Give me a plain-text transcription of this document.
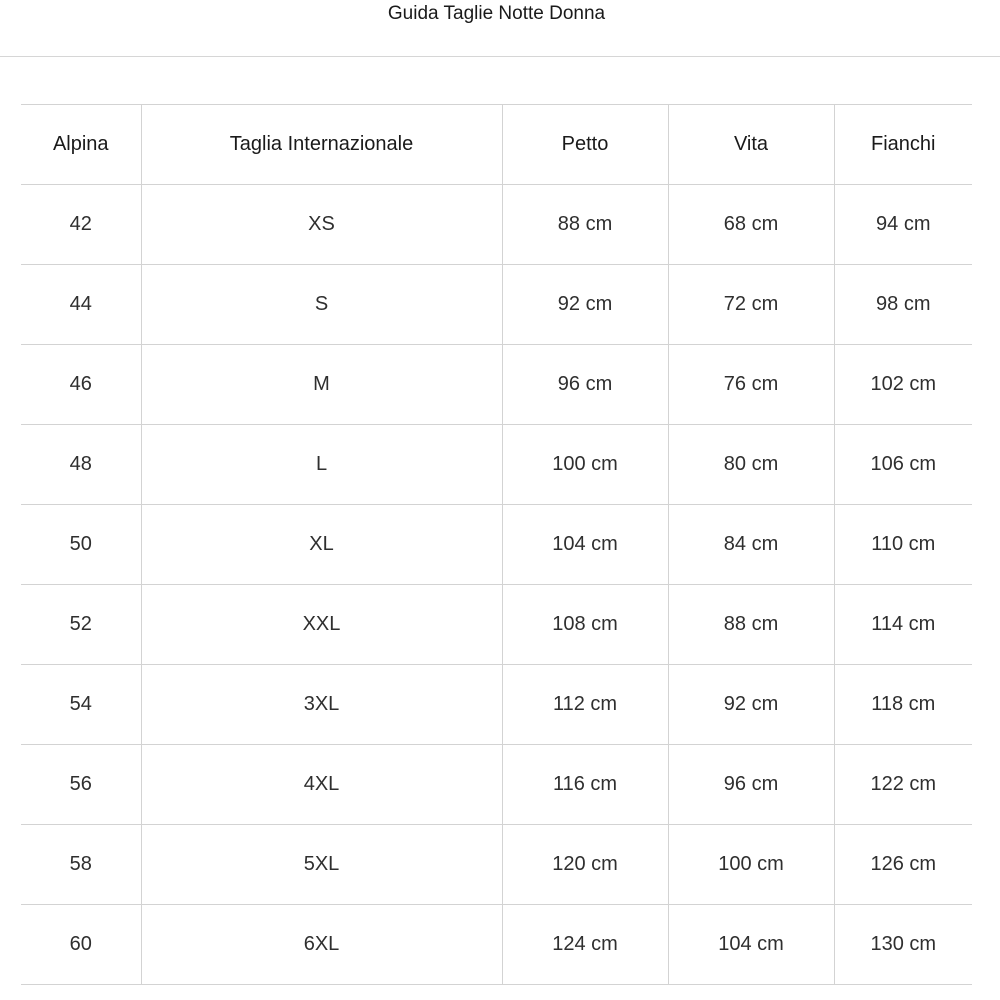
Guida Taglie Notte Donna
Alpina	Taglia Internazionale	Petto	Vita	Fianchi
42	XS	88 cm	68 cm	94 cm
44	S	92 cm	72 cm	98 cm
46	M	96 cm	76 cm	102 cm
48	L	100 cm	80 cm	106 cm
50	XL	104 cm	84 cm	110 cm
52	XXL	108 cm	88 cm	114 cm
54	3XL	112 cm	92 cm	118 cm
56	4XL	116 cm	96 cm	122 cm
58	5XL	120 cm	100 cm	126 cm
60	6XL	124 cm	104 cm	130 cm
